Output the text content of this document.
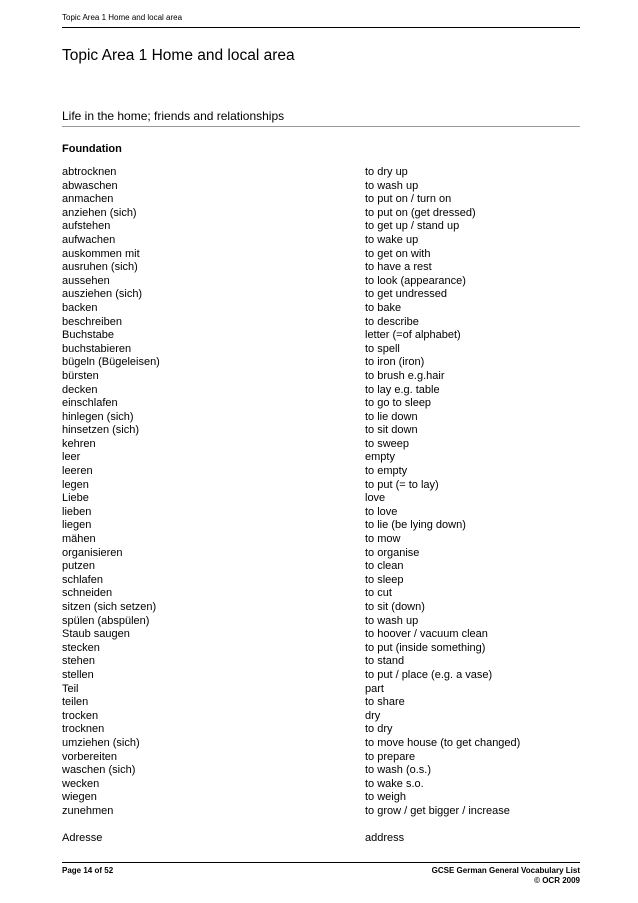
Topic Area 1 Home and local area
Topic Area 1 Home and local area
Life in the home; friends and relationships
Foundation
abtrocknen	to dry up
abwaschen	to wash up
anmachen	to put on / turn on
anziehen (sich)	to put on (get dressed)
aufstehen	to get up / stand up
aufwachen	to wake up
auskommen mit	to get on with
ausruhen (sich)	to have a rest
aussehen	to look (appearance)
ausziehen (sich)	to get undressed
backen	to bake
beschreiben	to describe
Buchstabe	letter (=of alphabet)
buchstabieren	to spell
bügeln (Bügeleisen)	to iron (iron)
bürsten	to brush e.g.hair
decken	to lay e.g. table
einschlafen	to go to sleep
hinlegen (sich)	to lie down
hinsetzen (sich)	to sit down
kehren	to sweep
leer	empty
leeren	to empty
legen	to put (= to lay)
Liebe	love
lieben	to love
liegen	to lie (be lying down)
mähen	to mow
organisieren	to organise
putzen	to clean
schlafen	to sleep
schneiden	to cut
sitzen (sich setzen)	to sit (down)
spülen (abspülen)	to wash up
Staub saugen	to hoover / vacuum clean
stecken	to put (inside something)
stehen	to stand
stellen	to put / place (e.g. a vase)
Teil	part
teilen	to share
trocken	dry
trocknen	to dry
umziehen (sich)	to move house (to get changed)
vorbereiten	to prepare
waschen (sich)	to wash (o.s.)
wecken	to wake s.o.
wiegen	to weigh
zunehmen	to grow / get bigger / increase
Adresse	address
Page 14 of 52	GCSE German General Vocabulary List
© OCR 2009
